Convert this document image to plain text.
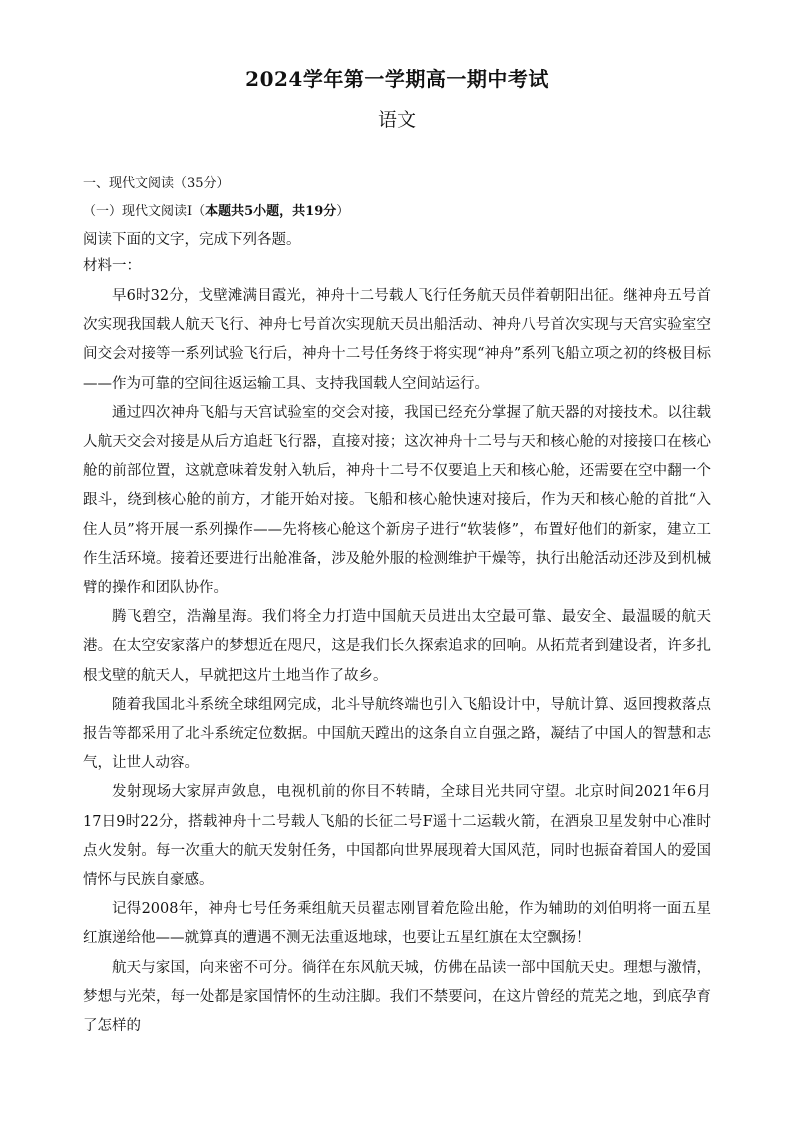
2024学年第一学期高一期中考试
语文

一、现代文阅读（35分）

（一）现代文阅读Ⅰ（本题共5小题，共19分）

阅读下面的文字，完成下列各题。

材料一：

早6时32分，戈壁滩满目霞光，神舟十二号载人飞行任务航天员伴着朝阳出征。继神舟五号首次实现我国载人航天飞行、神舟七号首次实现航天员出船活动、神舟八号首次实现与天宫实验室空间交会对接等一系列试验飞行后，神舟十二号任务终于将实现“神舟”系列飞船立项之初的终极目标——作为可靠的空间往返运输工具、支持我国载人空间站运行。

通过四次神舟飞船与天宫试验室的交会对接，我国已经充分掌握了航天器的对接技术。以往载人航天交会对接是从后方追赶飞行器，直接对接；这次神舟十二号与天和核心舱的对接接口在核心舱的前部位置，这就意味着发射入轨后，神舟十二号不仅要追上天和核心舱，还需要在空中翻一个跟斗，绕到核心舱的前方，才能开始对接。飞船和核心舱快速对接后，作为天和核心舱的首批“入住人员”将开展一系列操作——先将核心舱这个新房子进行“软装修”，布置好他们的新家，建立工作生活环境。接着还要进行出舱准备，涉及舱外服的检测维护干燥等，执行出舱活动还涉及到机械臂的操作和团队协作。

腾飞碧空，浩瀚星海。我们将全力打造中国航天员进出太空最可靠、最安全、最温暖的航天港。在太空安家落户的梦想近在咫尺，这是我们长久探索追求的回响。从拓荒者到建设者，许多扎根戈壁的航天人，早就把这片土地当作了故乡。

随着我国北斗系统全球组网完成，北斗导航终端也引入飞船设计中，导航计算、返回搜救落点报告等都采用了北斗系统定位数据。中国航天蹚出的这条自立自强之路，凝结了中国人的智慧和志气，让世人动容。

发射现场大家屏声敛息，电视机前的你目不转睛，全球目光共同守望。北京时间2021年6月17日9时22分，搭载神舟十二号载人飞船的长征二号F遥十二运载火箭，在酒泉卫星发射中心准时点火发射。每一次重大的航天发射任务，中国都向世界展现着大国风范，同时也振奋着国人的爱国情怀与民族自豪感。

记得2008年，神舟七号任务乘组航天员翟志刚冒着危险出舱，作为辅助的刘伯明将一面五星红旗递给他——就算真的遭遇不测无法重返地球，也要让五星红旗在太空飘扬！

航天与家国，向来密不可分。徜徉在东风航天城，仿佛在品读一部中国航天史。理想与激情，梦想与光荣，每一处都是家国情怀的生动注脚。我们不禁要问，在这片曾经的荒芜之地，到底孕育了怎样的
